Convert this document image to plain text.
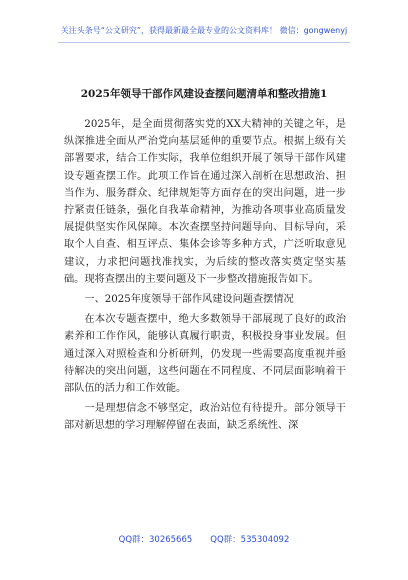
关注头条号“公文研究”，获得最新最全最专业的公文资料库！ 微信：gongwenyj
2025年领导干部作风建设查摆问题清单和整改措施1

2025年，是全面贯彻落实党的XX大精神的关键之年，是纵深推进全面从严治党向基层延伸的重要节点。根据上级有关部署要求，结合工作实际，我单位组织开展了领导干部作风建设专题查摆工作。此项工作旨在通过深入剖析在思想政治、担当作为、服务群众、纪律规矩等方面存在的突出问题，进一步拧紧责任链条，强化自我革命精神，为推动各项事业高质量发展提供坚实作风保障。本次查摆坚持问题导向、目标导向，采取个人自查、相互评点、集体会诊等多种方式，广泛听取意见建议，力求把问题找准找实，为后续的整改落实奠定坚实基础。现将查摆出的主要问题及下一步整改措施报告如下。

一、2025年度领导干部作风建设问题查摆情况

在本次专题查摆中，绝大多数领导干部展现了良好的政治素养和工作作风，能够认真履行职责，积极投身事业发展。但通过深入对照检查和分析研判，仍发现一些需要高度重视并亟待解决的突出问题，这些问题在不同程度、不同层面影响着干部队伍的活力和工作效能。

一是理想信念不够坚定，政治站位有待提升。部分领导干部对新思想的学习理解停留在表面，缺乏系统性、深

QQ群：30265665 QQ群：535304092
